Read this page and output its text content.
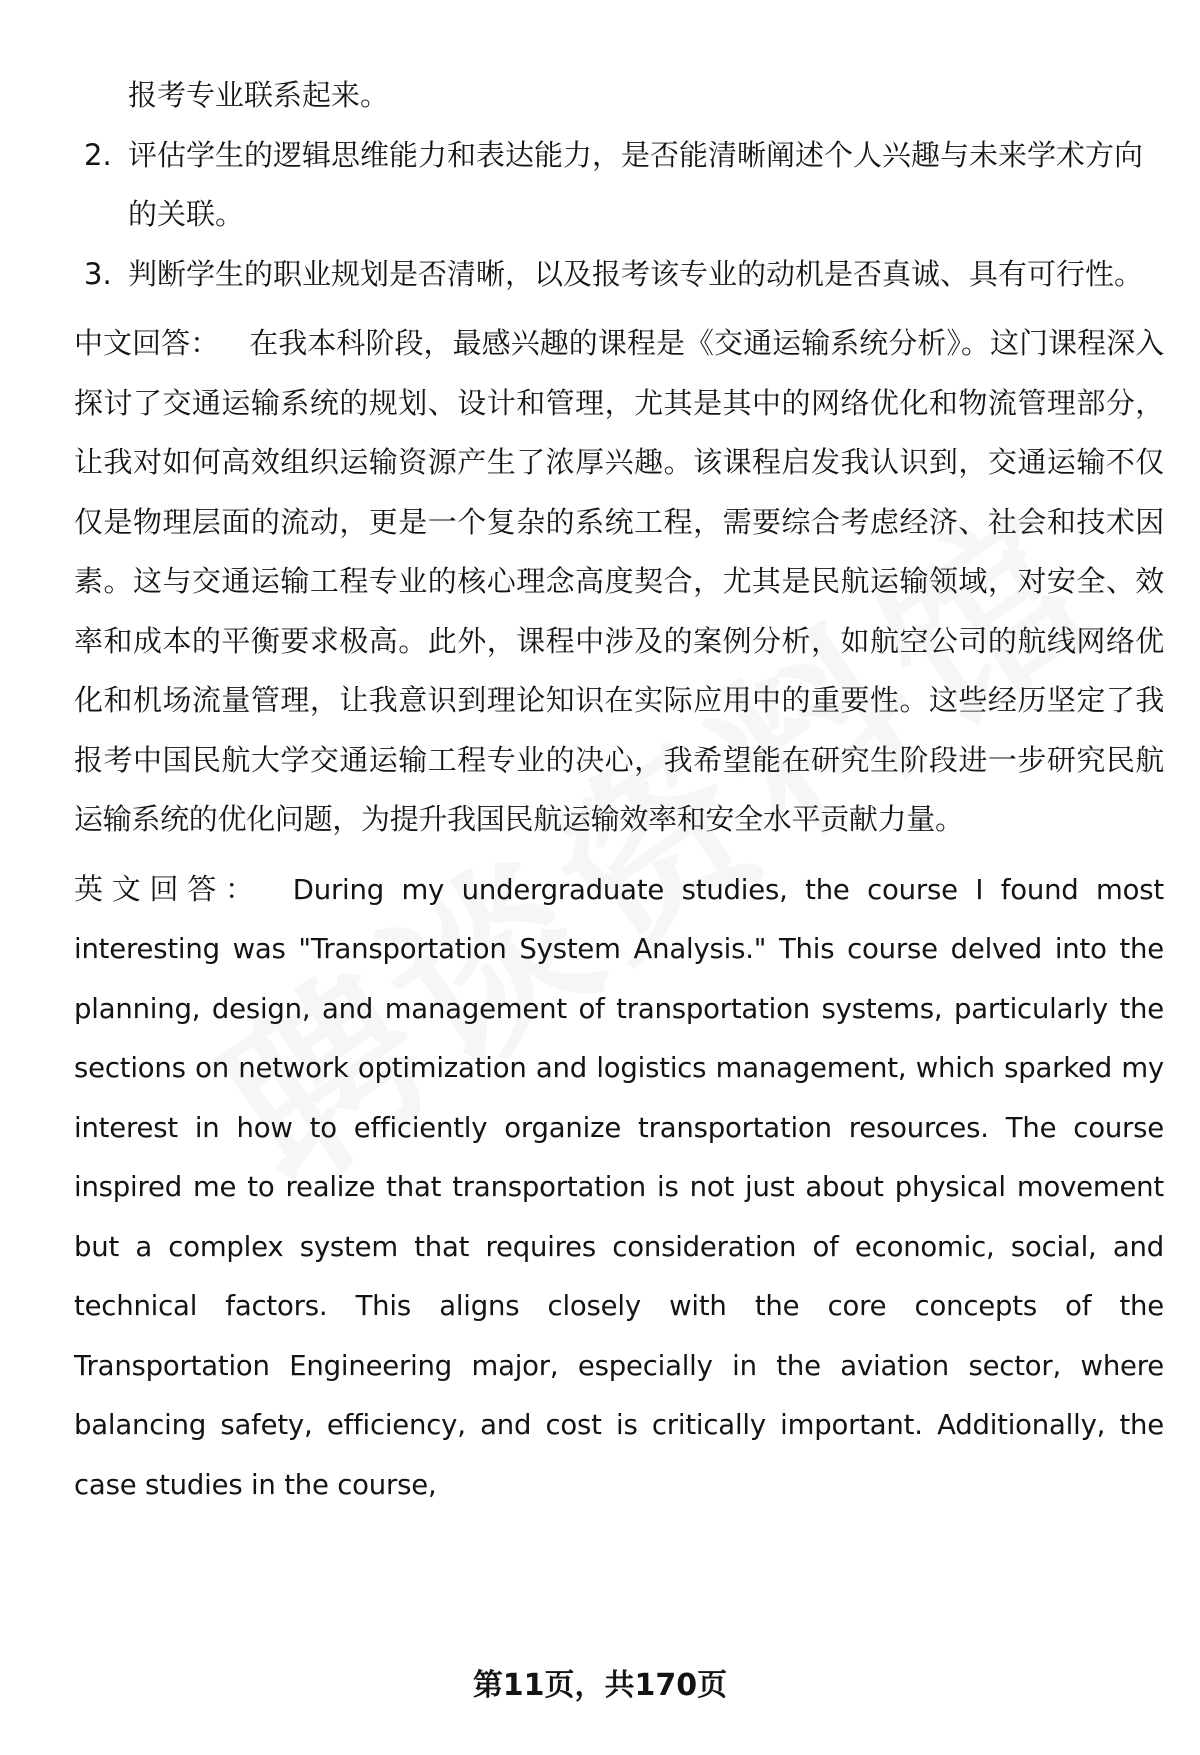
报考专业联系起来。

2. 评估学生的逻辑思维能力和表达能力，是否能清晰阐述个人兴趣与未来学术方向的关联。
3. 判断学生的职业规划是否清晰，以及报考该专业的动机是否真诚、具有可行性。

中文回答： 在我本科阶段，最感兴趣的课程是《交通运输系统分析》。这门课程深入探讨了交通运输系统的规划、设计和管理，尤其是其中的网络优化和物流管理部分，让我对如何高效组织运输资源产生了浓厚兴趣。该课程启发我认识到，交通运输不仅仅是物理层面的流动，更是一个复杂的系统工程，需要综合考虑经济、社会和技术因素。这与交通运输工程专业的核心理念高度契合，尤其是民航运输领域，对安全、效率和成本的平衡要求极高。此外，课程中涉及的案例分析，如航空公司的航线网络优化和机场流量管理，让我意识到理论知识在实际应用中的重要性。这些经历坚定了我报考中国民航大学交通运输工程专业的决心，我希望能在研究生阶段进一步研究民航运输系统的优化问题，为提升我国民航运输效率和安全水平贡献力量。

英文回答： During my undergraduate studies, the course I found most interesting was "Transportation System Analysis." This course delved into the planning, design, and management of transportation systems, particularly the sections on network optimization and logistics management, which sparked my interest in how to efficiently organize transportation resources. The course inspired me to realize that transportation is not just about physical movement but a complex system that requires consideration of economic, social, and technical factors. This aligns closely with the core concepts of the Transportation Engineering major, especially in the aviation sector, where balancing safety, efficiency, and cost is critically important. Additionally, the case studies in the course,

第11页，共170页
